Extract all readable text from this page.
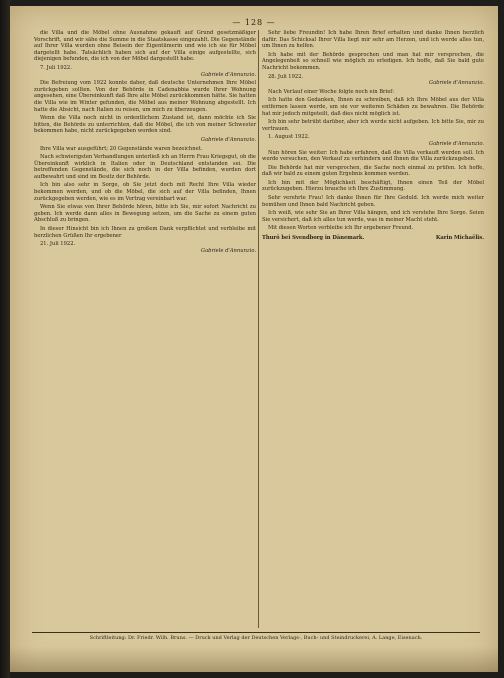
— 128 —

die Villa und die Möbel ohne Ausnahme gekauft auf Grund gesetzmäßiger Vorschrift, und wir sähe die Summe in die Staatskasse eingezahlt. Die Gegenstände auf Ihrer Villa wurden ohne Beisein der Eigentümerin und wie ich sie für Möbel dargetellt habe. Tatsächlich haben sich auf der Villa einige aufgestellte, sich diejenigen befunden, die ich von der Möbel dargestellt habe.

7. Juli 1922.

Gabriele d'Annunzio.

Die Befreiung vom 1922 konnte daher, daß deutsche Unternehmen Ihre Möbel zurückgeben sollten. Von der Behörde in Cadenabbia wurde Ihrer Wohnung angesehen, eine Übereinkunft daß Ihre alte Möbel zurückkommen hätte. Sie hatten die Villa wie im Winter gefunden, die Möbel aus meiner Wohnung abgestellt. Ich hatte die Absicht, nach Italien zu reisen, um mich zu überzeugen.

Wenn die Villa noch nicht in ordentlichem Zustand ist, dann möchte ich Sie bitten, die Behörde zu unterrichten, daß die Möbel, die ich von meiner Schwester bekommen habe, nicht zurückgegeben worden sind.

Gabriele d'Annunzio.

Ihre Villa war ausgeführt; 20 Gegenstände waren bezeichnet.

Nach schwierigsten Verhandlungen unterließ ich an Herrn Frau Kriegsgut, ob die Übereinkunft wirklich in Italien oder in Deutschland entstanden sei. Die betreffenden Gegenstände, die sich noch in der Villa befinden, wurden dort aufbewahrt und sind im Besitz der Behörde.

Ich bin also sehr in Sorge, ob Sie jetzt doch mit Recht Ihre Villa wieder bekommen werden, und ob die Möbel, die sich auf der Villa befinden, Ihnen zurückgegeben werden, wie es im Vertrag vereinbart war.

Wenn Sie etwas von Ihrer Behörde hören, bitte ich Sie, mir sofort Nachricht zu geben. Ich werde dann alles in Bewegung setzen, um die Sache zu einem guten Abschluß zu bringen.

In dieser Hinsicht bin ich Ihnen zu großem Dank verpflichtet und verbleibe mit herzlichen Grüßen Ihr ergebener

21. Juli 1922.

Gabriele d'Annunzio.

Sehr liebe Freundin! Ich habe Ihren Brief erhalten und danke Ihnen herzlich dafür. Das Schicksal Ihrer Villa liegt mir sehr am Herzen, und ich werde alles tun, um Ihnen zu helfen.

Ich habe mit der Behörde gesprochen und man hat mir versprochen, die Angelegenheit so schnell wie möglich zu erledigen. Ich hoffe, daß Sie bald gute Nachricht bekommen.

28. Juli 1922.

Gabriele d'Annunzio.

Nach Verlauf einer Woche folgte noch ein Brief:

Ich hatte den Gedanken, Ihnen zu schreiben, daß ich Ihre Möbel aus der Villa entfernen lassen werde, um sie vor weiteren Schäden zu bewahren. Die Behörde hat mir jedoch mitgeteilt, daß dies nicht möglich ist.

Ich bin sehr betrübt darüber, aber ich werde nicht aufgeben. Ich bitte Sie, mir zu vertrauen.

1. August 1922.

Gabriele d'Annunzio.

Nun hören Sie weiter: Ich habe erfahren, daß die Villa verkauft werden soll. Ich werde versuchen, den Verkauf zu verhindern und Ihnen die Villa zurückzugeben.

Die Behörde hat mir versprochen, die Sache noch einmal zu prüfen. Ich hoffe, daß wir bald zu einem guten Ergebnis kommen werden.

Ich bin mit der Möglichkeit beschäftigt, Ihnen einen Teil der Möbel zurückzugeben. Hierzu brauche ich Ihre Zustimmung.

Sehr verehrte Frau! Ich danke Ihnen für Ihre Geduld. Ich werde mich weiter bemühen und Ihnen bald Nachricht geben.

Ich weiß, wie sehr Sie an Ihrer Villa hängen, und ich verstehe Ihre Sorge. Seien Sie versichert, daß ich alles tun werde, was in meiner Macht steht.

Mit diesen Worten verbleibe ich Ihr ergebener Freund.

Thurö bei Svendborg in Dänemark.	Karin Michaëlis.
Schriftleitung: Dr. Friedr. Wilh. Bruns. — Druck und Verlag der Deutschen Verlags-, Buch- und Steindruckerei, A. Lange, Eisenach.
